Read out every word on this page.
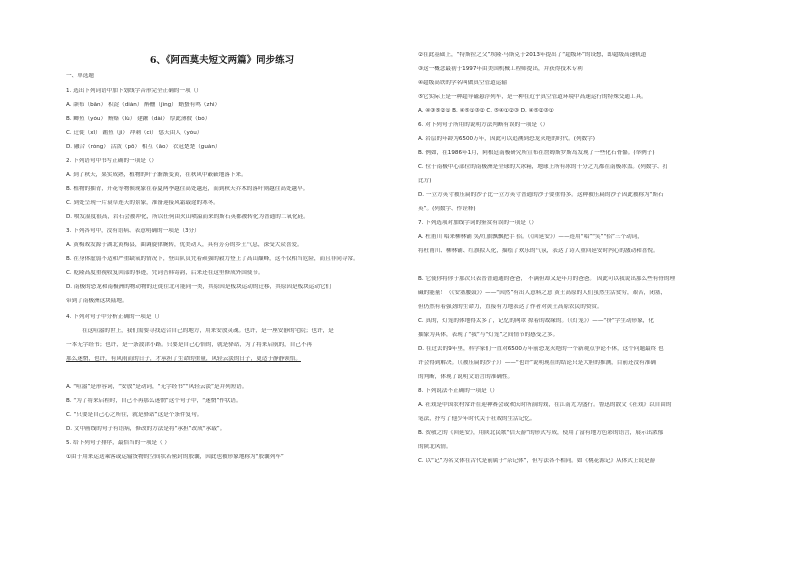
6、《阿西莫夫短文两篇》同步练习
一、单选题
1. 选出下列词语中加下划线字音形完全正确的一项（）
A. 颌布（bān） 积淀（diàn） 醉醺（jìng） 蜡蝥有鸣（zhì）
B. 鲫鱼（yóu） 贿赂（lù） 建鍬（dài） 厚此薄彼（bó）
C. 迁徙（xǐ） 鹬鱼（jì） 冲刺（cì） 惩天由人（yóu）
D. 融合（róng） 活泼（pō） 相互（āo） 衣冠楚楚（guàn）
2. 下列语句中书写正确的一项是（）
A. 到了秋天，果实成熟，植物的叶子渐渐变黄，在秋风中簌簌地落下来。
B. 植物的抽青，开花等物候现象在春夏两季越往高处越迟，而到秋天乔木的落叶则越往高处越早。
C. 到处呈现一片衰草连天的景象，准备迎接风霜载途的寒冬。
D. 喷发湿度很高，岩石会被冲化，所以任何由火山喷溢而来的斯石英都被转化为普通的二氧化硅。
3. 下列各句中，没有语病、表意明确的一项是（3分）
A. 黄梅戏发源于湖北黄梅县，曲调旋律婉转，优美动人，具有芳芬的乡土气息，深受大众喜爱。
B. 在身体虚弱不适和严重缺氧的情况下，登山队员凭着顽强的毅力登上了高山巅峰，这不仅相当危险，而且非同寻常。
C. 乾隆高度重视收复回部的事迹，凭词吾韩寄韵，后来还在这里修成外国使节。
D. 南极的恐龙和南极洲的物动物的迁徙往北可能同一类，其原因是板块运动的迁移，其原因是板块运动它们
带到了南极洲这块陆地。
4. 下列对句子中分析正确的一项是（）
在这喧嚣的世上，我们需要寻找适合自己的地方，用来安放灵魂。也许，是一座安静的宅院；也许，是
一本无字经书；也许，是一条波津小路。只要是自己心怡的，就是驿站，为了将来启航的，自己不再
那么迷惘，也许，有风雨而的日子，才承担了生命的重量，风轻云淡的日子，更适于静静领悟。
A. “喧嚣”是形容词，“安放”是动词，“无字经书”“风轻云淡”是并列短语。
B. “为了将来启程时，自己不再那么迷惘”这个句子中，“迷惘”作状语。
C. “只要是自己心之所往，就是驿站”这是个条件复句。
D. 文中画线的句子有语病，修改的方法是将“承担”改成“承载”。
5. 给下列句子排序，最恰当的一项是（ ）
①由于用来运送乘客或运输货物的空间状若密封的胶囊，因此也被形象地称为“胶囊列车”
②在此基础上，“特斯拉之父”埃隆·马斯克于2013年提出了“超级环”的设想，即超级高速轨道
③这一概念最初于1997年由美国机械工程师提出，并获得技术专利
④超级高铁的学名叫做真空管道运输
⑤它实际上是一种超导磁悬浮列车，是一种在近乎真空管道环境中高速运行的特殊交通工具。
A. ④③⑤②① B. ④⑤①③② C. ⑤④①②③ D. ④⑤②③①
6. 对下列句子所用的说明方法判断有误的一项是（）
A. 岩层的年龄为6500万年，因此可以追溯到恐龙灭绝的时代。(列数字)
B. 例如，在1986年1月，阿根廷南极研究所宣布在詹姆斯罗斯岛发现了一些化石骨骼。(举例子)
C. 位于南极中心部位的南极洲是全球的大冰箱，地球上所有冰的十分之九都在南极冰盖。(列数字、打
比方)
D. 一立方英寸被压扁的沙子比一立方英寸普通的沙子要重得多。这种被压扁的沙子因此被称为“斯石
英”。(列数字、作诠释)
7. 下列选项对加线字词的鉴赏有误的一项是（）
A. 杜甫川 唱来柳林铺 笑/红旗飘飘把手 招。（《回延安》）——连用“唱”“笑”“招”三个动词，
将杜甫川、柳林铺、红旗拟人化，描绘了欢乐的气氛，表达了诗人重回延安时内心的激动和喜悦。
B. 它使你将你于那次只表普普通通的爸爸， 不满但却又是年月的爸爸。 因此可以我说出那么些有骨的理
碱的能量！（《安塞腰鼓》）——“因然”有出人意料之意 黄土高原的人们虽然生活贫穷，艰苦，闭塞，
但仍然有着强劲的生命力，直接有力地表达了作者对黄土高原农民的赞赏。
C. 真的，灯笼的体地得太多了，记忆的网罩 掠着的故缘的。（《灯笼》）——“挤”字生动形象，化
抽象为具体，表现了“我”与“灯笼”之间情节的感受之多。
D. 在过去的9年里，科学家们一直对6500万年前恐龙灭绝的一个新观点争论不休，这个问题最终 也
许会得到解决。（《被压扁的沙子》）——“也许”说明现在的结论只是大胆的推测，目前还没有准确
的判断，体现了说明文语言的准确性。
8. 下列说法不正确的一项是（）
A. 社戏是中国农村常许在迎神赛会或欢庆时所演的戏，在江南尤为盛行。鲁迅的散文《社戏》以自由的
笔法，抒写了他少年时代关于社戏的生活记忆。
B. 贺敬之的《回延安》，用陕北民歌“信天游”的形式写成，使用了富有地方色彩的语言，展示出浓郁
的陕北风情。
C. 以“记”为名文体在古代是前属于“杂记体”，但写法各不相同。如《桃花源记》从体式上说是游
